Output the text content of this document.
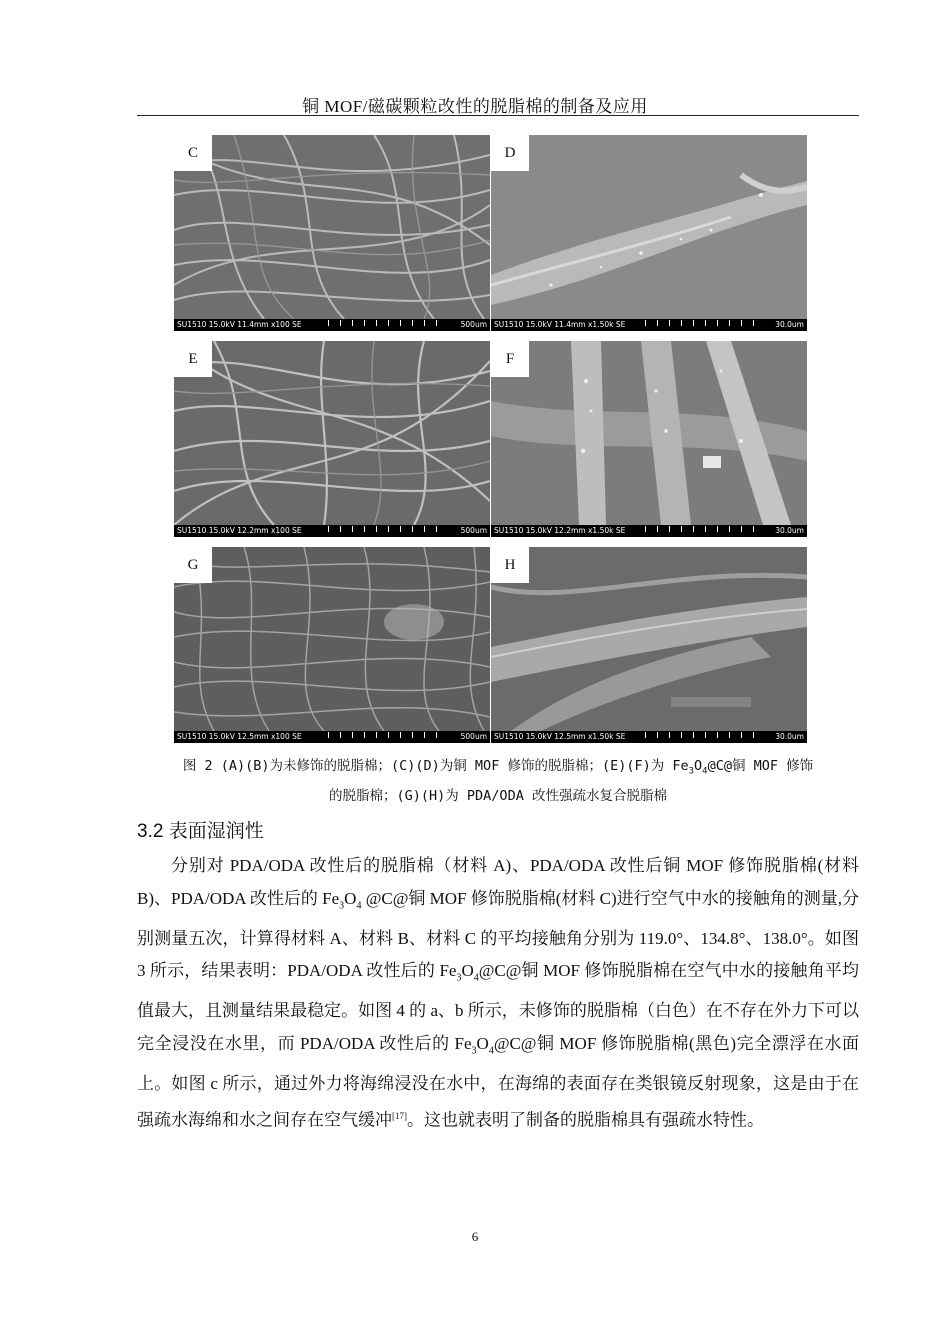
铜 MOF/磁碳颗粒改性的脱脂棉的制备及应用
C
SU1510 15.0kV 11.4mm x100 SE	500um
D
SU1510 15.0kV 11.4mm x1.50k SE	30.0um
E
SU1510 15.0kV 12.2mm x100 SE	500um
F
SU1510 15.0kV 12.2mm x1.50k SE	30.0um
G
SU1510 15.0kV 12.5mm x100 SE	500um
H
SU1510 15.0kV 12.5mm x1.50k SE	30.0um
图 2 (A)(B)为未修饰的脱脂棉；(C)(D)为铜 MOF 修饰的脱脂棉；(E)(F)为 $Fe_3O_4@C@$铜 MOF 修饰
的脱脂棉；(G)(H)为 PDA/ODA 改性强疏水复合脱脂棉
3.2 表面湿润性
分别对 PDA/ODA 改性后的脱脂棉（材料 A)、PDA/ODA 改性后铜 MOF 修饰脱脂棉(材料 B)、PDA/ODA 改性后的 $Fe_3O_4$ @C@铜 MOF 修饰脱脂棉(材料 C)进行空气中水的接触角的测量,分别测量五次，计算得材料 A、材料 B、材料 C 的平均接触角分别为 119.0°、134.8°、138.0°。如图 3 所示，结果表明：PDA/ODA 改性后的 $Fe_3O_4@C@$铜 MOF 修饰脱脂棉在空气中水的接触角平均值最大，且测量结果最稳定。如图 4 的 a、b 所示，未修饰的脱脂棉（白色）在不存在外力下可以完全浸没在水里，而 PDA/ODA 改性后的 $Fe_3O_4@C@$铜 MOF 修饰脱脂棉(黑色)完全漂浮在水面上。如图 c 所示，通过外力将海绵浸没在水中，在海绵的表面存在类银镜反射现象，这是由于在强疏水海绵和水之间存在空气缓冲[17]。这也就表明了制备的脱脂棉具有强疏水特性。
6
